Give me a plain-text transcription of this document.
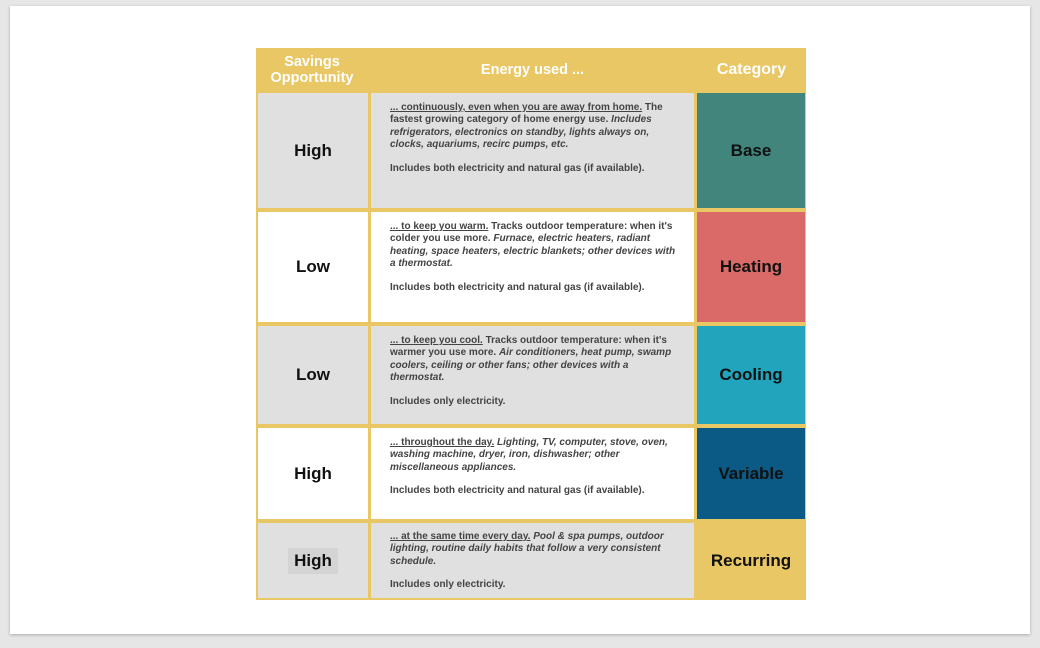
Savings Opportunity	Energy used ...	Category
High

... continuously, even when you are away from home. The fastest growing category of home energy use. Includes refrigerators, electronics on standby, lights always on, clocks, aquariums, recirc pumps, etc.

Includes both electricity and natural gas (if available).

Base
Low

... to keep you warm. Tracks outdoor temperature: when it's colder you use more. Furnace, electric heaters, radiant heating, space heaters, electric blankets; other devices with a thermostat.

Includes both electricity and natural gas (if available).

Heating
Low

... to keep you cool. Tracks outdoor temperature: when it's warmer you use more. Air conditioners, heat pump, swamp coolers, ceiling or other fans; other devices with a thermostat.

Includes only electricity.

Cooling
High

... throughout the day. Lighting, TV, computer, stove, oven, washing machine, dryer, iron, dishwasher; other miscellaneous appliances.

Includes both electricity and natural gas (if available).

Variable
High

... at the same time every day. Pool & spa pumps, outdoor lighting, routine daily habits that follow a very consistent schedule.

Includes only electricity.

Recurring
